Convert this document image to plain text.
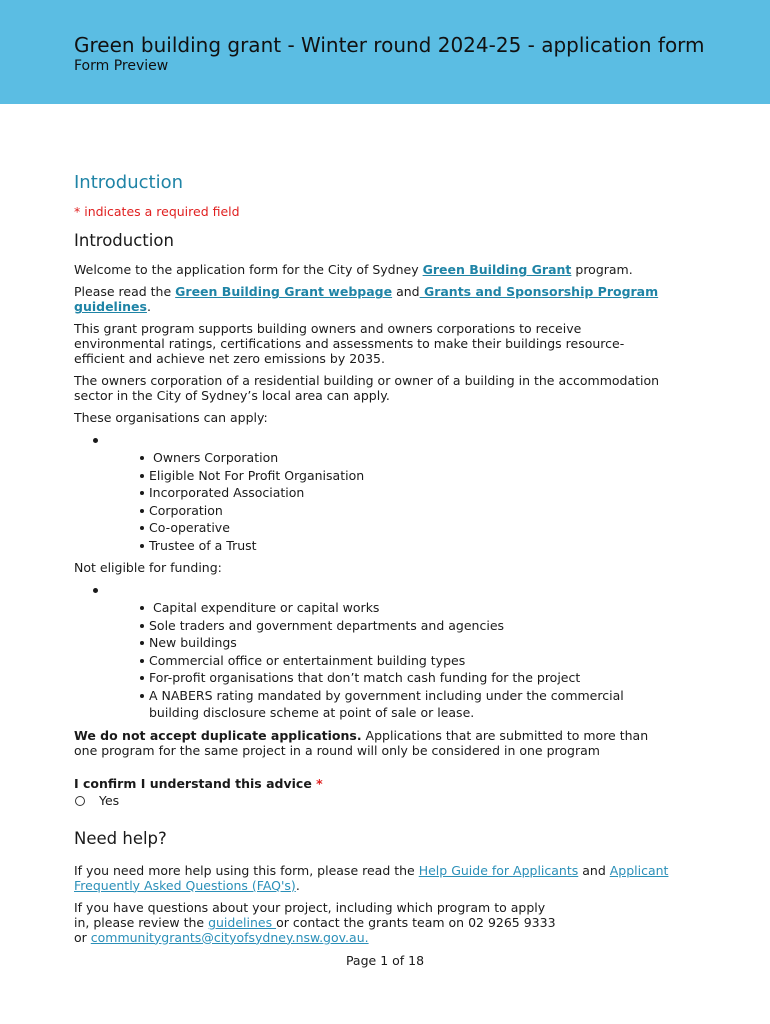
Green building grant - Winter round 2024-25 - application form
Form Preview
Introduction
* indicates a required field
Introduction

Welcome to the application form for the City of Sydney Green Building Grant program.

Please read the Green Building Grant webpage and Grants and Sponsorship Program guidelines.

This grant program supports building owners and owners corporations to receive environmental ratings, certifications and assessments to make their buildings resource-efficient and achieve net zero emissions by 2035.

The owners corporation of a residential building or owner of a building in the accommodation sector in the City of Sydney’s local area can apply.

These organisations can apply:

Owners Corporation
Eligible Not For Profit Organisation
Incorporated Association
Corporation
Co-operative
Trustee of a Trust

Not eligible for funding:

Capital expenditure or capital works
Sole traders and government departments and agencies
New buildings
Commercial office or entertainment building types
For-profit organisations that don’t match cash funding for the project
A NABERS rating mandated by government including under the commercial building disclosure scheme at point of sale or lease.

We do not accept duplicate applications. Applications that are submitted to more than one program for the same project in a round will only be considered in one program

I confirm I understand this advice *
Yes
Need help?

If you need more help using this form, please read the Help Guide for Applicants and Applicant Frequently Asked Questions (FAQ's).

If you have questions about your project, including which program to apply
in, please review the guidelines or contact the grants team on 02 9265 9333
or communitygrants@cityofsydney.nsw.gov.au.

Page 1 of 18
